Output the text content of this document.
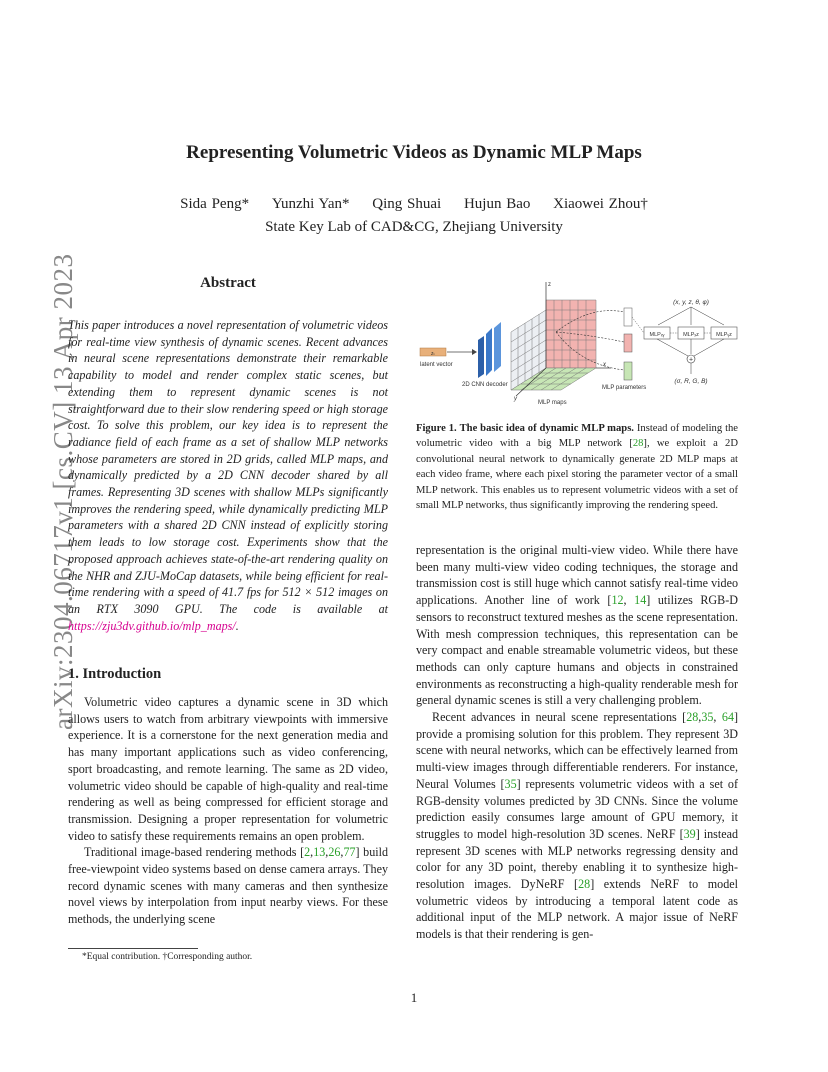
Representing Volumetric Videos as Dynamic MLP Maps
Sida Peng* Yunzhi Yan* Qing Shuai Hujun Bao Xiaowei Zhou†
State Key Lab of CAD&CG, Zhejiang University
arXiv:2304.06717v1 [cs.CV] 13 Apr 2023	Abstract
This paper introduces a novel representation of volumetric videos for real-time view synthesis of dynamic scenes. Recent advances in neural scene representations demonstrate their remarkable capability to model and render complex static scenes, but extending them to represent dynamic scenes is not straightforward due to their slow rendering speed or high storage cost. To solve this problem, our key idea is to represent the radiance field of each frame as a set of shallow MLP networks whose parameters are stored in 2D grids, called MLP maps, and dynamically predicted by a 2D CNN decoder shared by all frames. Representing 3D scenes with shallow MLPs significantly improves the rendering speed, while dynamically predicting MLP parameters with a shared 2D CNN instead of explicitly storing them leads to low storage cost. Experiments show that the proposed approach achieves state-of-the-art rendering quality on the NHR and ZJU-MoCap datasets, while being efficient for real-time rendering with a speed of 41.7 fps for 512 × 512 images on an RTX 3090 GPU. The code is available at https://zju3dv.github.io/mlp_maps/.
1. Introduction

Volumetric video captures a dynamic scene in 3D which allows users to watch from arbitrary viewpoints with immersive experience. It is a cornerstone for the next generation media and has many important applications such as video conferencing, sport broadcasting, and remote learning. The same as 2D video, volumetric video should be capable of high-quality and real-time rendering as well as being compressed for efficient storage and transmission. Designing a proper representation for volumetric video to satisfy these requirements remains an open problem.

Traditional image-based rendering methods [2,13,26,77] build free-viewpoint video systems based on dense camera arrays. They record dynamic scenes with many cameras and then synthesize novel views by interpolation from input nearby views. For these methods, the underlying scene

*Equal contribution. †Corresponding author.
zₜ
latent vector
2D CNN decoder
z
x
y
MLP maps
MLP parameters
(x, y, z, θ, φ)
MLPₓᵧ	MLPₓz	MLPᵧz
+
(σ, R, G, B)
Figure 1. The basic idea of dynamic MLP maps. Instead of modeling the volumetric video with a big MLP network [28], we exploit a 2D convolutional neural network to dynamically generate 2D MLP maps at each video frame, where each pixel storing the parameter vector of a small MLP network. This enables us to represent volumetric videos with a set of small MLP networks, thus significantly improving the rendering speed.

representation is the original multi-view video. While there have been many multi-view video coding techniques, the storage and transmission cost is still huge which cannot satisfy real-time video applications. Another line of work [12, 14] utilizes RGB-D sensors to reconstruct textured meshes as the scene representation. With mesh compression techniques, this representation can be very compact and enable streamable volumetric videos, but these methods can only capture humans and objects in constrained environments as reconstructing a high-quality renderable mesh for general dynamic scenes is still a very challenging problem.

Recent advances in neural scene representations [28,35, 64] provide a promising solution for this problem. They represent 3D scene with neural networks, which can be effectively learned from multi-view images through differentiable renderers. For instance, Neural Volumes [35] represents volumetric videos with a set of RGB-density volumes predicted by 3D CNNs. Since the volume prediction easily consumes large amount of GPU memory, it struggles to model high-resolution 3D scenes. NeRF [39] instead represent 3D scenes with MLP networks regressing density and color for any 3D point, thereby enabling it to synthesize high-resolution images. DyNeRF [28] extends NeRF to model volumetric videos by introducing a temporal latent code as additional input of the MLP network. A major issue of NeRF models is that their rendering is gen-

1
